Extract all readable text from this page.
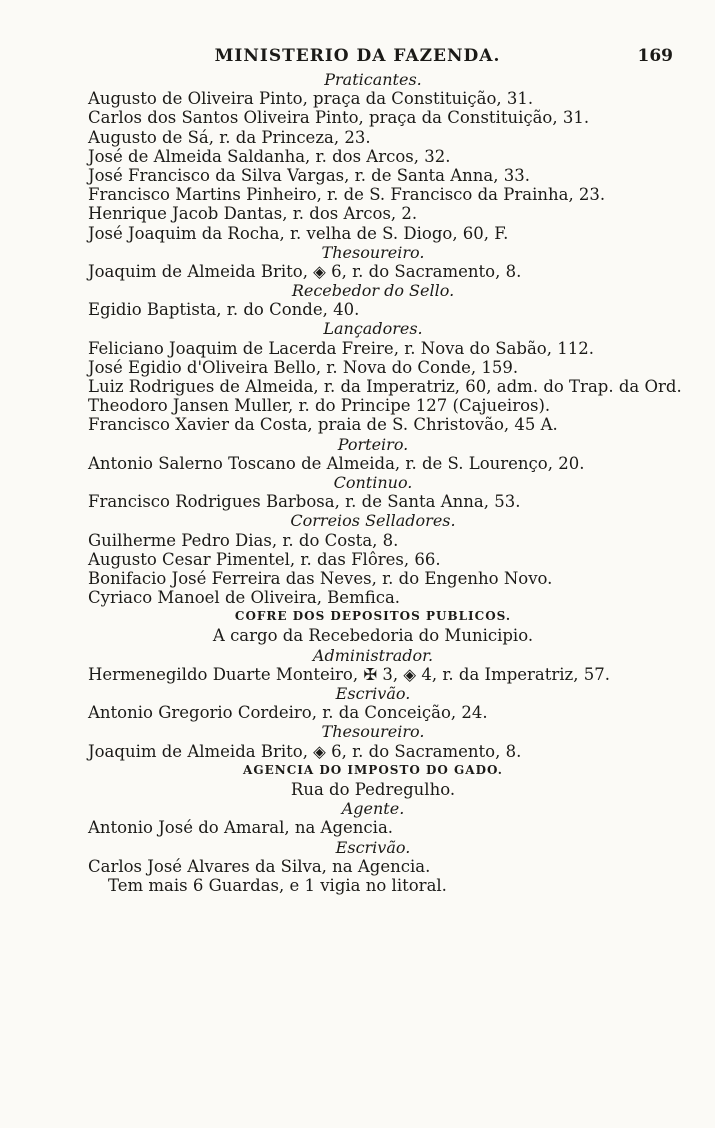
MINISTERIO DA FAZENDA.	169
Praticantes.
Augusto de Oliveira Pinto, praça da Constituição, 31.
Carlos dos Santos Oliveira Pinto, praça da Constituição, 31.
Augusto de Sá, r. da Princeza, 23.
José de Almeida Saldanha, r. dos Arcos, 32.
José Francisco da Silva Vargas, r. de Santa Anna, 33.
Francisco Martins Pinheiro, r. de S. Francisco da Prainha, 23.
Henrique Jacob Dantas, r. dos Arcos, 2.
José Joaquim da Rocha, r. velha de S. Diogo, 60, F.
Thesoureiro.
Joaquim de Almeida Brito, ◈ 6, r. do Sacramento, 8.
Recebedor do Sello.
Egidio Baptista, r. do Conde, 40.
Lançadores.
Feliciano Joaquim de Lacerda Freire, r. Nova do Sabão, 112.
José Egidio d'Oliveira Bello, r. Nova do Conde, 159.
Luiz Rodrigues de Almeida, r. da Imperatriz, 60, adm. do Trap. da Ord.
Theodoro Jansen Muller, r. do Principe 127 (Cajueiros).
Francisco Xavier da Costa, praia de S. Christovão, 45 A.
Porteiro.
Antonio Salerno Toscano de Almeida, r. de S. Lourenço, 20.
Continuo.
Francisco Rodrigues Barbosa, r. de Santa Anna, 53.
Correios Selladores.
Guilherme Pedro Dias, r. do Costa, 8.
Augusto Cesar Pimentel, r. das Flôres, 66.
Bonifacio José Ferreira das Neves, r. do Engenho Novo.
Cyriaco Manoel de Oliveira, Bemfica.
COFRE DOS DEPOSITOS PUBLICOS.
A cargo da Recebedoria do Municipio.
Administrador.
Hermenegildo Duarte Monteiro, ✠ 3, ◈ 4, r. da Imperatriz, 57.
Escrivão.
Antonio Gregorio Cordeiro, r. da Conceição, 24.
Thesoureiro.
Joaquim de Almeida Brito, ◈ 6, r. do Sacramento, 8.
AGENCIA DO IMPOSTO DO GADO.
Rua do Pedregulho.
Agente.
Antonio José do Amaral, na Agencia.
Escrivão.
Carlos José Alvares da Silva, na Agencia.
Tem mais 6 Guardas, e 1 vigia no litoral.
